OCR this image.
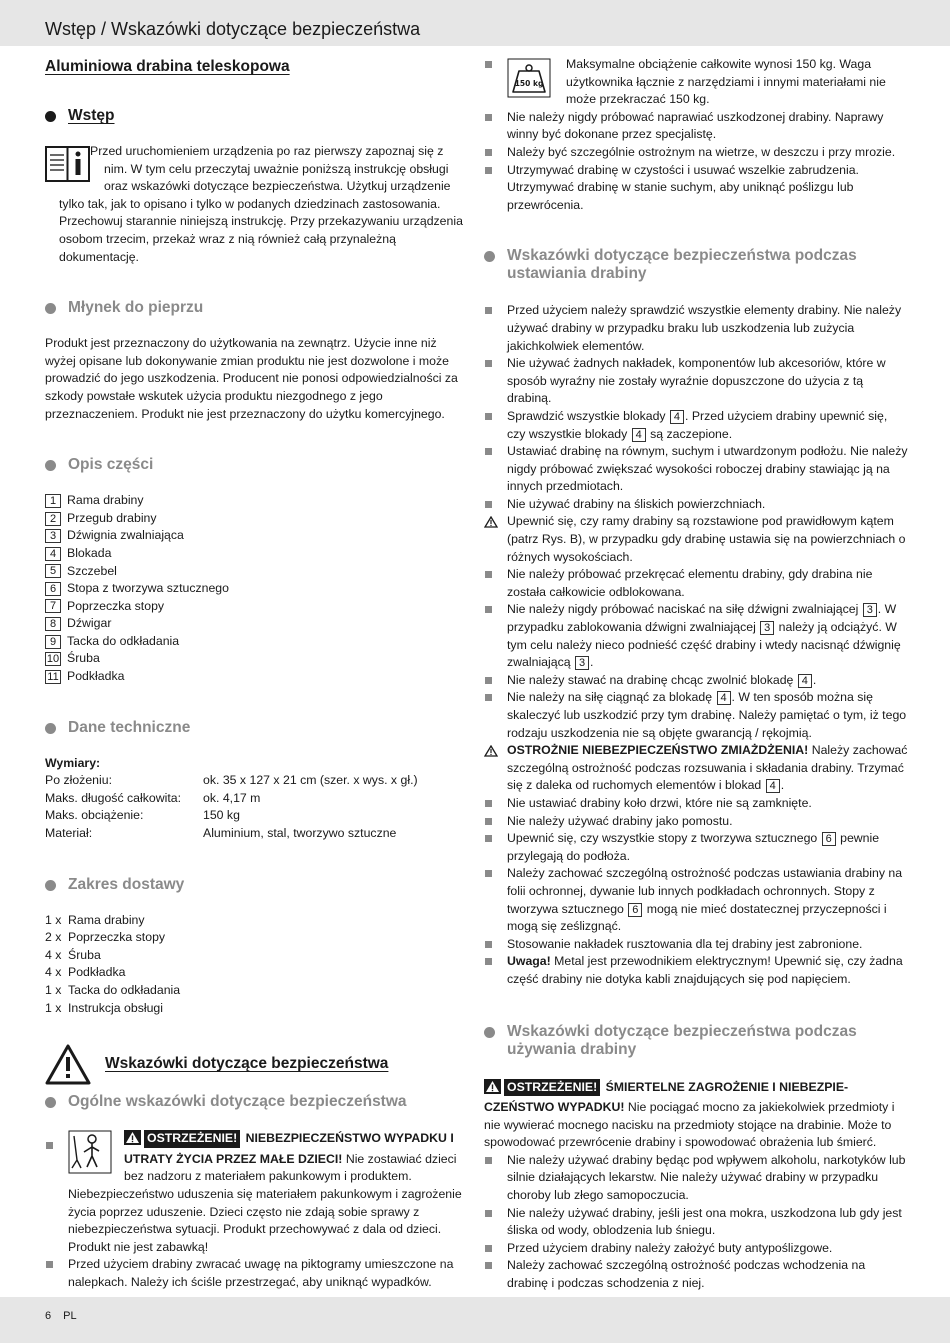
Wstęp / Wskazówki dotyczące bezpieczeństwa
Aluminiowa drabina teleskopowa
Wstęp

Przed uruchomieniem urządzenia po raz pierwszy zapoznaj się z nim. W tym celu przeczytaj uważnie poniższą instrukcję obsługi oraz wskazówki dotyczące bezpieczeństwa. Użytkuj urządzenie tylko tak, jak to opisano i tylko w podanych dziedzinach zastosowania. Przechowuj starannie niniejszą instrukcję. Przy przekazywaniu urządzenia osobom trzecim, przekaż wraz z nią również całą przynależną dokumentację.

Młynek do pieprzu

Produkt jest przeznaczony do użytkowania na zewnątrz. Użycie inne niż wyżej opisane lub dokonywanie zmian produktu nie jest dozwolone i może prowadzić do jego uszkodzenia. Producent nie ponosi odpowiedzialności za szkody powstałe wskutek użycia produktu niezgodnego z jego przeznaczeniem. Produkt nie jest przeznaczony do użytku komercyjnego.

Opis części
1 Rama drabiny
2 Przegub drabiny
3 Dźwignia zwalniająca
4 Blokada
5 Szczebel
6 Stopa z tworzywa sztucznego
7 Poprzeczka stopy
8 Dźwigar
9 Tacka do odkładania
10 Śruba
11 Podkładka
Dane techniczne
Wymiary:
Po złożeniu:	ok. 35 x 127 x 21 cm (szer. x wys. x gł.)
Maks. długość całkowita:	ok. 4,17 m
Maks. obciążenie:	150 kg
Materiał:	Aluminium, stal, tworzywo sztuczne
Zakres dostawy
1 x Rama drabiny
2 x Poprzeczka stopy
4 x Śruba
4 x Podkładka
1 x Tacka do odkładania
1 x Instrukcja obsługi
Wskazówki dotyczące bezpieczeństwa
Ogólne wskazówki dotyczące bezpieczeństwa
OSTRZEŻENIE! NIEBEZPIECZEŃSTWO WYPADKU I UTRATY ŻYCIA PRZEZ MAŁE DZIECI! Nie zostawiać dzieci bez nadzoru z materiałem pakunkowym i produktem. Niebezpieczeństwo uduszenia się materiałem pakunkowym i zagrożenie życia poprzez uduszenie. Dzieci często nie zdają sobie sprawy z niebezpieczeństwa sytuacji. Produkt przechowywać z dala od dzieci. Produkt nie jest zabawką!
Przed użyciem drabiny zwracać uwagę na piktogramy umieszczone na nalepkach. Należy ich ściśle przestrzegać, aby uniknąć wypadków.
150 kg
Maksymalne obciążenie całkowite wynosi 150 kg. Waga użytkownika łącznie z narzędziami i innymi materiałami nie może przekraczać 150 kg.
Nie należy nigdy próbować naprawiać uszkodzonej drabiny. Naprawy winny być dokonane przez specjalistę.
Należy być szczególnie ostrożnym na wietrze, w deszczu i przy mrozie.
Utrzymywać drabinę w czystości i usuwać wszelkie zabrudzenia. Utrzymywać drabinę w stanie suchym, aby uniknąć poślizgu lub przewrócenia.
Wskazówki dotyczące bezpieczeństwa podczas ustawiania drabiny
Przed użyciem należy sprawdzić wszystkie elementy drabiny. Nie należy używać drabiny w przypadku braku lub uszkodzenia lub zużycia jakichkolwiek elementów.
Nie używać żadnych nakładek, komponentów lub akcesoriów, które w sposób wyraźny nie zostały wyraźnie dopuszczone do użycia z tą drabiną.
Sprawdzić wszystkie blokady 4 . Przed użyciem drabiny upewnić się, czy wszystkie blokady 4 są zaczepione.
Ustawiać drabinę na równym, suchym i utwardzonym podłożu. Nie należy nigdy próbować zwiększać wysokości roboczej drabiny stawiając ją na innych przedmiotach.
Nie używać drabiny na śliskich powierzchniach.
Upewnić się, czy ramy drabiny są rozstawione pod prawidłowym kątem (patrz Rys. B), w przypadku gdy drabinę ustawia się na powierzchniach o różnych wysokościach.
Nie należy próbować przekręcać elementu drabiny, gdy drabina nie została całkowicie odblokowana.
Nie należy nigdy próbować naciskać na siłę dźwigni zwalniającej 3 . W przypadku zablokowania dźwigni zwalniającej 3 należy ją odciążyć. W tym celu należy nieco podnieść część drabiny i wtedy nacisnąć dźwignię zwalniającą 3 .
Nie należy stawać na drabinę chcąc zwolnić blokadę 4 .
Nie należy na siłę ciągnąć za blokadę 4 . W ten sposób można się skaleczyć lub uszkodzić przy tym drabinę. Należy pamiętać o tym, iż tego rodzaju uszkodzenia nie są objęte gwarancją / rękojmią.
OSTROŻNIE NIEBEZPIECZEŃSTWO ZMIAŻDŻENIA! Należy zachować szczególną ostrożność podczas rozsuwania i składania drabiny. Trzymać się z daleka od ruchomych elementów i blokad 4 .
Nie ustawiać drabiny koło drzwi, które nie są zamknięte.
Nie należy używać drabiny jako pomostu.
Upewnić się, czy wszystkie stopy z tworzywa sztucznego 6 pewnie przylegają do podłoża.
Należy zachować szczególną ostrożność podczas ustawiania drabiny na folii ochronnej, dywanie lub innych podkładach ochronnych. Stopy z tworzywa sztucznego 6 mogą nie mieć dostatecznej przyczepności i mogą się ześlizgnąć.
Stosowanie nakładek rusztowania dla tej drabiny jest zabronione.
Uwaga! Metal jest przewodnikiem elektrycznym! Upewnić się, czy żadna część drabiny nie dotyka kabli znajdujących się pod napięciem.
Wskazówki dotyczące bezpieczeństwa podczas używania drabiny

OSTRZEŻENIE! ŚMIERTELNE ZAGROŻENIE I NIEBEZPIE- CZEŃSTWO WYPADKU! Nie pociągać mocno za jakiekolwiek przedmioty i nie wywierać mocnego nacisku na przedmioty stojące na drabinie. Może to spowodować przewrócenie drabiny i spowodować obrażenia lub śmierć.

Nie należy używać drabiny będąc pod wpływem alkoholu, narkotyków lub silnie działających lekarstw. Nie należy używać drabiny w przypadku choroby lub złego samopoczucia.
Nie należy używać drabiny, jeśli jest ona mokra, uszkodzona lub gdy jest śliska od wody, oblodzenia lub śniegu.
Przed użyciem drabiny należy założyć buty antypoślizgowe.
Należy zachować szczególną ostrożność podczas wchodzenia na drabinę i podczas schodzenia z niej.
6 PL
